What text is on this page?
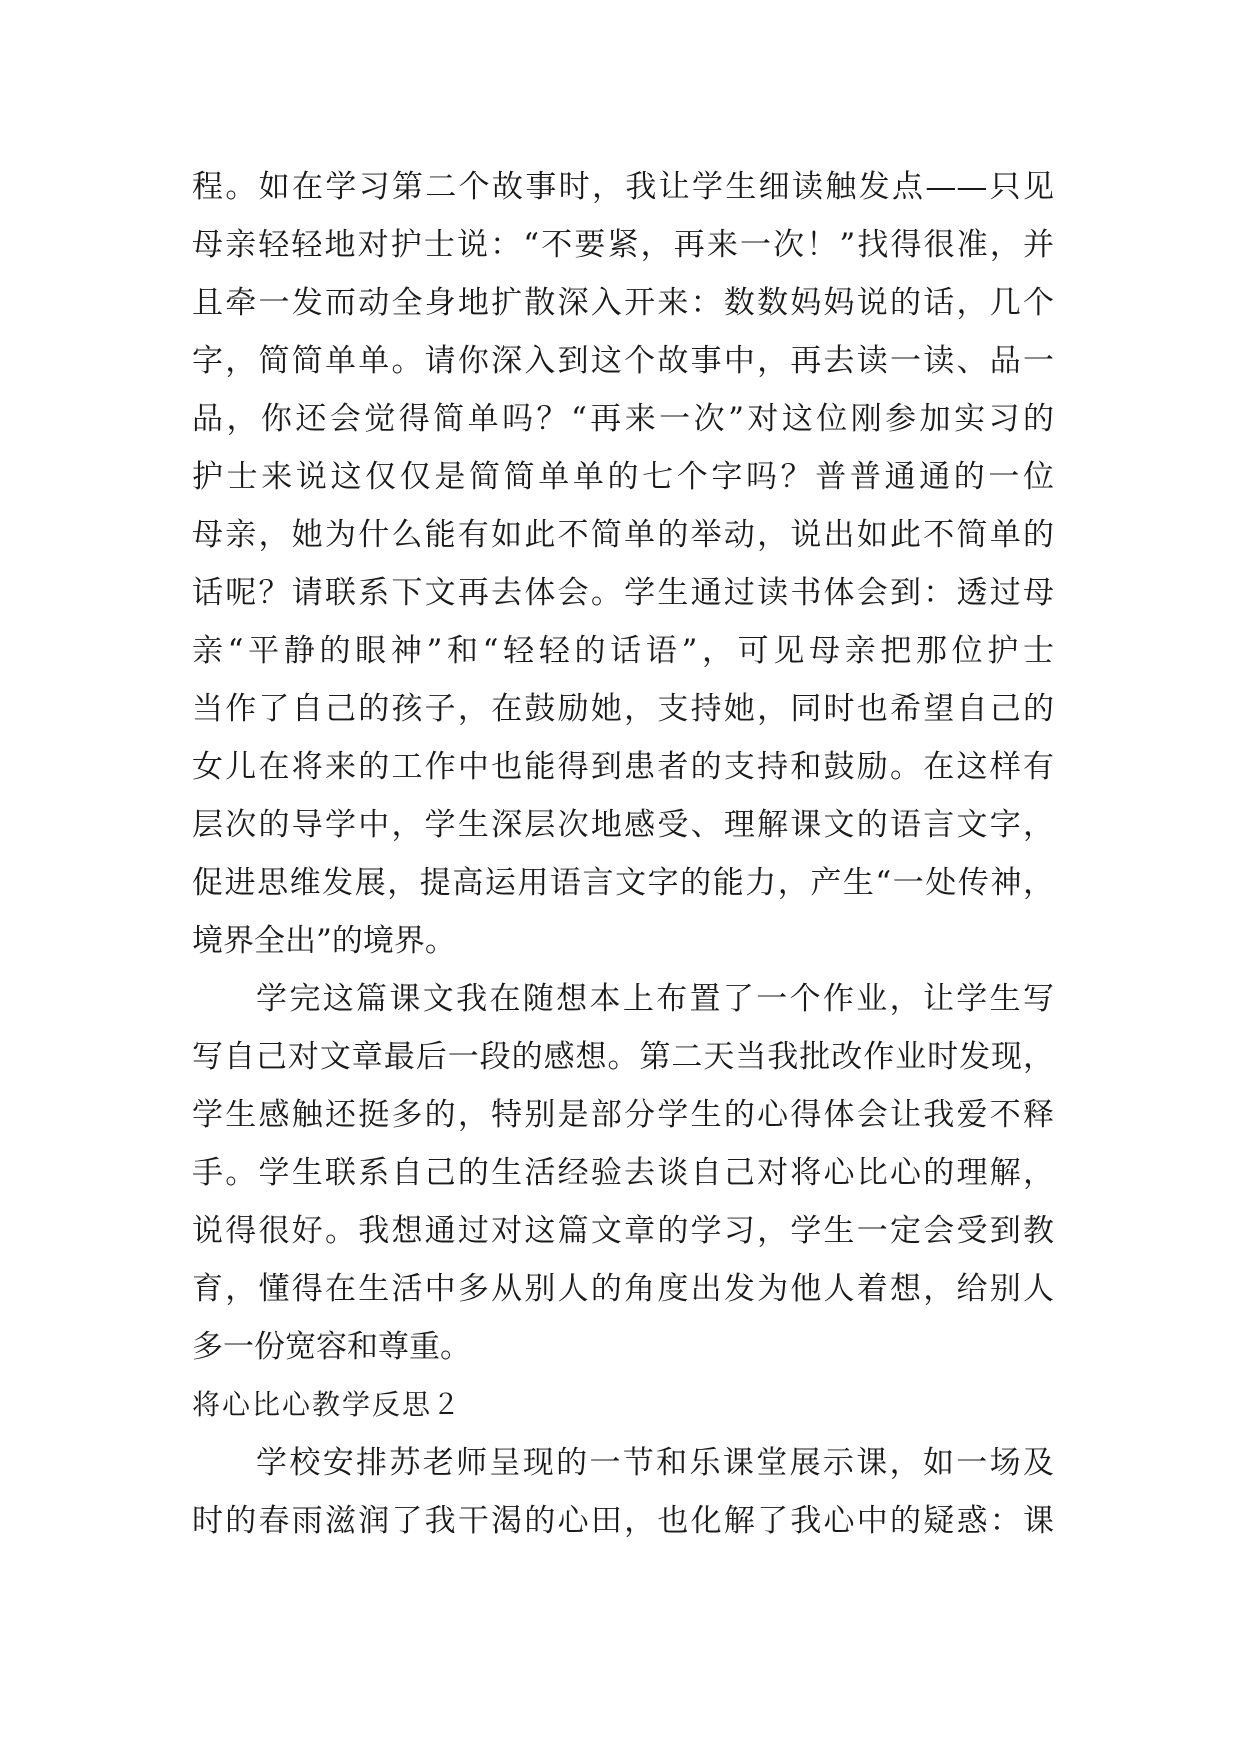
程。如在学习第二个故事时，我让学生细读触发点——只见
母亲轻轻地对护士说：“不要紧，再来一次！”找得很准，并
且牵一发而动全身地扩散深入开来：数数妈妈说的话，几个
字，简简单单。请你深入到这个故事中，再去读一读、品一
品，你还会觉得简单吗？“再来一次”对这位刚参加实习的
护士来说这仅仅是简简单单的七个字吗？普普通通的一位
母亲，她为什么能有如此不简单的举动，说出如此不简单的
话呢？请联系下文再去体会。学生通过读书体会到：透过母
亲“平静的眼神”和“轻轻的话语”，可见母亲把那位护士
当作了自己的孩子，在鼓励她，支持她，同时也希望自己的
女儿在将来的工作中也能得到患者的支持和鼓励。在这样有
层次的导学中，学生深层次地感受、理解课文的语言文字，
促进思维发展，提高运用语言文字的能力，产生“一处传神，
境界全出”的境界。
学完这篇课文我在随想本上布置了一个作业，让学生写
写自己对文章最后一段的感想。第二天当我批改作业时发现，
学生感触还挺多的，特别是部分学生的心得体会让我爱不释
手。学生联系自己的生活经验去谈自己对将心比心的理解，
说得很好。我想通过对这篇文章的学习，学生一定会受到教
育，懂得在生活中多从别人的角度出发为他人着想，给别人
多一份宽容和尊重。
将心比心教学反思２
学校安排苏老师呈现的一节和乐课堂展示课，如一场及
时的春雨滋润了我干渴的心田，也化解了我心中的疑惑：课
